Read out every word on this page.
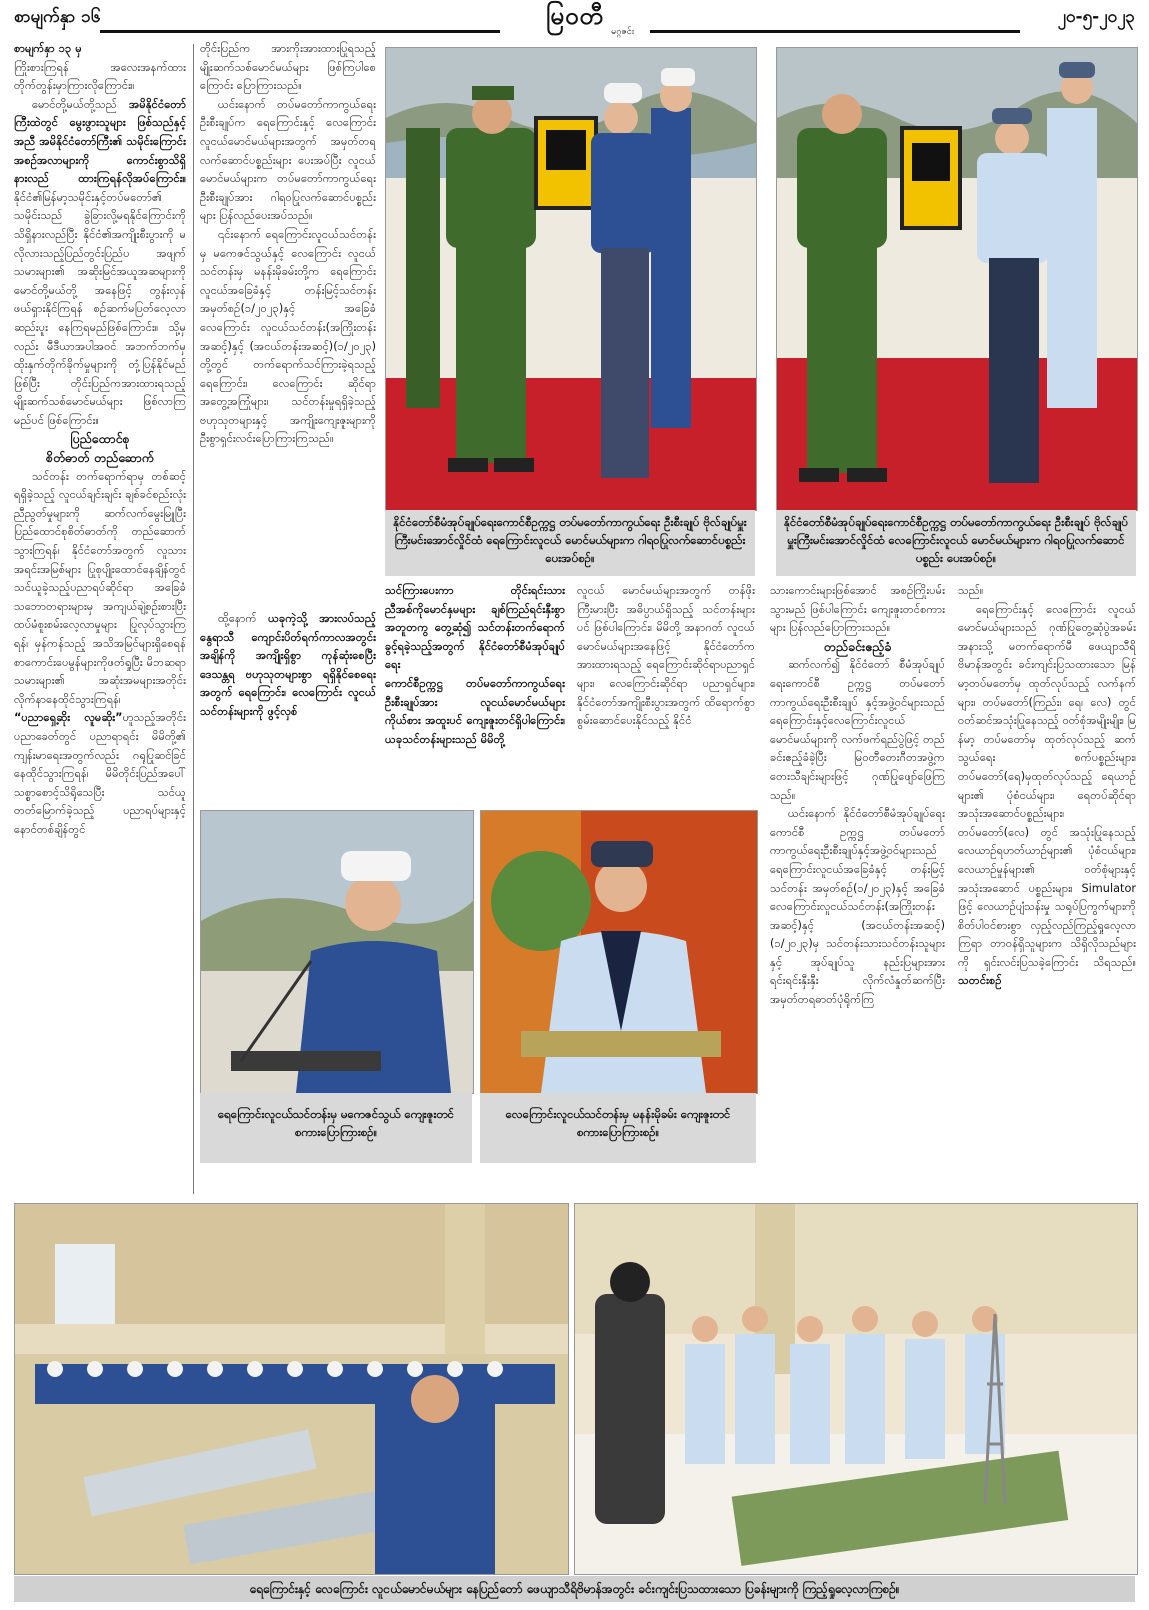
စာမျက်နှာ ၁၆	မြဝတီ
မဂ္ဂဇင်း
၂၀-၅-၂၀၂၃

စာမျက်နှာ ၁၃ မှ

ကြိုးစားကြရန် အလေးအနက်ထား တိုက်တွန်းမှာကြားလိုကြောင်း။

မောင်တို့မယ်တို့သည် အမိနိုင်ငံတော်ကြီးထဲတွင် မွေးဖွားသူများ ဖြစ်သည်နှင့်အညီ အမိနိုင်ငံတော်ကြီး၏ သမိုင်းကြောင်းအစဉ်အလာများကို ကောင်းစွာသိရှိနားလည် ထားကြရန်လိုအပ်ကြောင်း။ နိုင်ငံ၏မြန်မာ့သမိုင်းနှင့်တပ်မတော်၏ သမိုင်းသည် ခွဲခြားလို့မရနိုင်ကြောင်းကို သိရှိနားလည်ပြီး နိုင်ငံ၏အကျိုးစီးပွားကို မလိုလားသည့်ပြည်တွင်းပြည်ပ အဖျက်သမားများ၏ အဆိုးမြင်အယူအဆများကို မောင်တို့မယ်တို့ အနေဖြင့် တွန်းလှန်ဖယ်ရှားနိုင်ကြရန် စဉ်ဆက်မပြတ်လေ့လာဆည်းပူး နေကြရမည်ဖြစ်ကြောင်း။ သို့မှလည်း မီဒီယာအပါအဝင် အဘက်ဘက်မှ ထိုးနှက်တိုက်ခိုက်မှုများကို တုံ့ပြန်နိုင်မည်ဖြစ်ပြီး တိုင်းပြည်ကအားထားရသည့် မျိုးဆက်သစ်မောင်မယ်များ ဖြစ်လာကြမည်ပင် ဖြစ်ကြောင်း။

ပြည်ထောင်စု

စိတ်ဓာတ် တည်ဆောက်

သင်တန်း တက်ရောက်ရာမှ တစ်ဆင့်ရရှိခဲ့သည့် လူငယ်ချင်းချင်း ချစ်ခင်စည်းလုံးညီညွတ်မှုများကို ဆက်လက်မွေးမြူပြီး ပြည်ထောင်စုစိတ်ဓာတ်ကို တည်ဆောက်သွားကြရန်၊ နိုင်ငံတော်အတွက် လူသားအရင်းအမြစ်များ ပြုစုပျိုးထောင်နေချိန်တွင် သင်ယူခဲ့သည့်ပညာရပ်ဆိုင်ရာ အခြေခံသဘောတရားများမှ အကျယ်ချဲ့စဉ်းစားပြီး ထပ်မံစူးစမ်းလေ့လာမှုများ ပြုလုပ်သွားကြရန်၊ မှန်ကန်သည့် အသိအမြင်များရှိစေရန် စာကောင်းပေမွန်များကိုဖတ်ရှုပြီး မိဘဆရာသမားများ၏ အဆုံးအမများအတိုင်း လိုက်နာနေထိုင်သွားကြရန်၊

“ပညာရှေ့ဆိုး လူမဆိုး”ဟူသည့်အတိုင်း ပညာခေတ်တွင် ပညာရာရင်း မိမိတို့၏ ကျန်းမာရေးအတွက်လည်း ဂရုပြုဆင်ခြင်နေထိုင်သွားကြရန်၊ မိမိတိုင်းပြည်အပေါ် သစ္စာစောင့်သိရိုသေပြီး သင်ယူတတ်မြောက်ခဲ့သည့် ပညာရပ်များနှင့် နောင်တစ်ချိန်တွင်

တိုင်းပြည်က အားကိုးအားထားပြုရသည့် မျိုးဆက်သစ်မောင်မယ်များ ဖြစ်ကြပါစေကြောင်း ပြောကြားသည်။

ယင်းနောက် တပ်မတော်ကာကွယ်ရေး ဦးစီးချုပ်က ရေကြောင်းနှင့် လေကြောင်း လူငယ်မောင်မယ်များအတွက် အမှတ်တရ လက်ဆောင်ပစ္စည်းများ ပေးအပ်ပြီး လူငယ်မောင်မယ်များက တပ်မတော်ကာကွယ်ရေး ဦးစီးချုပ်အား ဂါရဝပြုလက်ဆောင်ပစ္စည်းများ ပြန်လည်ပေးအပ်သည်။

၎င်းနောက် ရေကြောင်းလူငယ်သင်တန်းမှ မကေဇင်သွယ်နှင့် လေကြောင်း လူငယ်သင်တန်းမှ မနန်းမိုခမ်းတို့က ရေကြောင်းလူငယ်အခြေခံနှင့် တန်းမြင့်သင်တန်း အမှတ်စဉ်(၁/၂၀၂၃)နှင့် အခြေခံလေကြောင်း လူငယ်သင်တန်း(အကြိုးတန်းအဆင့်)နှင့် (အငယ်တန်းအဆင့်)(၁/၂၀၂၃) တို့တွင် တက်ရောက်သင်ကြားခဲ့ရသည့် ရေကြောင်း၊ လေကြောင်း ဆိုင်ရာ အတွေ့အကြုံများ၊ သင်တန်းမှုရရှိခဲ့သည့် ဗဟုသုတများနှင့် အကျိုးကျေးဇူးများကို ဦးစွာရှင်းလင်းပြောကြားကြသည်။

နိုင်ငံတော်စီမံအုပ်ချုပ်ရေးကောင်စီဥက္ကဋ္ဌ တပ်မတော်ကာကွယ်ရေး ဦးစီးချုပ် ဗိုလ်ချုပ်မှူးကြီးမင်းအောင်လှိုင်ထံ ရေကြောင်းလူငယ် မောင်မယ်များက ဂါရဝပြုလက်ဆောင်ပစ္စည်း ပေးအပ်စဉ်။
နိုင်ငံတော်စီမံအုပ်ချုပ်ရေးကောင်စီဥက္ကဋ္ဌ တပ်မတော်ကာကွယ်ရေး ဦးစီးချုပ် ဗိုလ်ချုပ်မှူးကြီးမင်းအောင်လှိုင်ထံ လေကြောင်းလူငယ် မောင်မယ်များက ဂါရဝပြုလက်ဆောင်ပစ္စည်း ပေးအပ်စဉ်။

သင်ကြားပေးကာ တိုင်းရင်းသားညီအစ်ကိုမောင်နှမများ ချစ်ကြည်ရင်းနှီးစွာ အတူတကွ တွေ့ဆုံ၍ သင်တန်းတက်ရောက်ခွင့်ရခဲ့သည့်အတွက် နိုင်ငံတော်စီမံအုပ်ချုပ်ရေး

ကောင်စီဥက္ကဋ္ဌ တပ်မတော်ကာကွယ်ရေး ဦးစီးချုပ်အား လူငယ်မောင်မယ်များ ကိုယ်စား အထူးပင် ကျေးဇူးတင်ရှိပါကြောင်း၊ ယခုသင်တန်းများသည် မိမိတို့

ထို့နောက် ယခုကဲ့သို့ အားလပ်သည့် နွေရာသီ ကျောင်းပိတ်ရက်ကာလအတွင်း အချိန်ကို အကျိုးရှိစွာ ကုန်ဆုံးစေပြီး ဒေသန္တရ ဗဟုသုတများစွာ ရရှိနိုင်စေရေးအတွက် ရေကြောင်း၊ လေကြောင်း လူငယ်သင်တန်းများကို ဖွင့်လှစ်

လူငယ် မောင်မယ်များအတွက် တန်ဖိုးကြီးမားပြီး အဓိပ္ပာယ်ရှိသည့် သင်တန်းများပင် ဖြစ်ပါကြောင်း၊ မိမိတို့ အနာဂတ် လူငယ်မောင်မယ်များအနေဖြင့် နိုင်ငံတော်က အားထားရသည့် ရေကြောင်းဆိုင်ရာပညာရှင်များ၊ လေကြောင်းဆိုင်ရာ ပညာရှင်များ၊ နိုင်ငံတော်အကျိုးစီးပွားအတွက် ထိရောက်စွာ စွမ်းဆောင်ပေးနိုင်သည့် နိုင်ငံ

ရေကြောင်းလူငယ်သင်တန်းမှ မကေဇင်သွယ် ကျေးဇူးတင်စကားပြောကြားစဉ်။
လေကြောင်းလူငယ်သင်တန်းမှ မနန်းမိုခမ်း ကျေးဇူးတင်စကားပြောကြားစဉ်။

သားကောင်းများဖြစ်အောင် အစဉ်ကြိုးပမ်းသွားမည် ဖြစ်ပါကြောင်း ကျေးဇူးတင်စကားများ ပြန်လည်ပြောကြားသည်။

တည်ခင်းဧည့်ခံ

ဆက်လက်၍ နိုင်ငံတော် စီမံအုပ်ချုပ်ရေးကောင်စီ ဥက္ကဋ္ဌ တပ်မတော်ကာကွယ်ရေးဦးစီးချုပ် နှင့်အဖွဲ့ဝင်များသည် ရေကြောင်းနှင့်လေကြောင်းလူငယ်မောင်မယ်များကို လက်ဖက်ရည်ပွဲဖြင့် တည်ခင်းဧည့်ခံခဲ့ပြီး မြဝတီတေးဂီတအဖွဲ့က တေးသီချင်းများဖြင့် ဂုဏ်ပြုဖျော်ဖြေကြသည်။

ယင်းနောက် နိုင်ငံတော်စီမံအုပ်ချုပ်ရေးကောင်စီ ဥက္ကဋ္ဌ တပ်မတော်ကာကွယ်ရေးဦးစီးချုပ်နှင့်အဖွဲ့ဝင်များသည် ရေကြောင်းလူငယ်အခြေခံနှင့် တန်းမြင့်သင်တန်း အမှတ်စဉ်(၁/၂၀၂၃)နှင့် အခြေခံ လေကြောင်းလူငယ်သင်တန်း(အကြိုးတန်းအဆင့်)နှင့် (အငယ်တန်းအဆင့်) (၁/၂၀၂၃)မှ သင်တန်းသားသင်တန်းသူများနှင့် အုပ်ချုပ်သူ နည်းပြများအား ရင်းရင်းနှီးနှီး လိုက်လံနှုတ်ဆက်ပြီး အမှတ်တရဓာတ်ပုံရိုက်ကြ

သည်။

ရေကြောင်းနှင့် လေကြောင်း လူငယ် မောင်မယ်များသည် ဂုဏ်ပြုတွေ့ဆုံပွဲအခမ်း အနားသို့ မတက်ရောက်မီ ဖေယျာသီရိ ဗိမာန်အတွင်း ခင်းကျင်းပြသထားသော မြန်မာ့တပ်မတော်မှ ထုတ်လုပ်သည့် လက်နက်များ၊ တပ်မတော်(ကြည်း၊ ရေ၊ လေ) တွင် ဝတ်ဆင်အသုံးပြုနေသည့် ဝတ်စုံအမျိုးမျိုး၊ မြန်မာ့ တပ်မတော်မှ ထုတ်လုပ်သည့် ဆက်သွယ်ရေး စက်ပစ္စည်းများ၊ တပ်မတော်(ရေ)မှထုတ်လုပ်သည့် ရေယာဉ်များ၏ ပုံစံငယ်များ၊ ရေတပ်ဆိုင်ရာ အသုံးအဆောင်ပစ္စည်းများ၊ တပ်မတော်(လေ) တွင် အသုံးပြုနေသည့် လေယာဉ်ရဟတ်ယာဉ်များ၏ ပုံစံငယ်များ၊ လေယာဉ်မှုန်များ၏ ဝတ်စုံများနှင့် အသုံးအဆောင် ပစ္စည်းများ၊ Simulator ဖြင့် လေယာဉ်ပျံသန်းမှု သရုပ်ပြကွက်များကို စိတ်ပါဝင်စားစွာ လှည့်လည်ကြည့်ရှုလေ့လာကြရာ တာဝန်ရှိသူများက သိရှိလိုသည်များကို ရှင်းလင်းပြသခဲ့ကြောင်း သိရသည်။ သတင်းစဉ်

ရေကြောင်းနှင့် လေကြောင်း လူငယ်မောင်မယ်များ နေပြည်တော် ဖေယျာသီရိဗိမာန်အတွင်း ခင်းကျင်းပြသထားသော ပြခန်းများကို ကြည့်ရှုလေ့လာကြစဉ်။
